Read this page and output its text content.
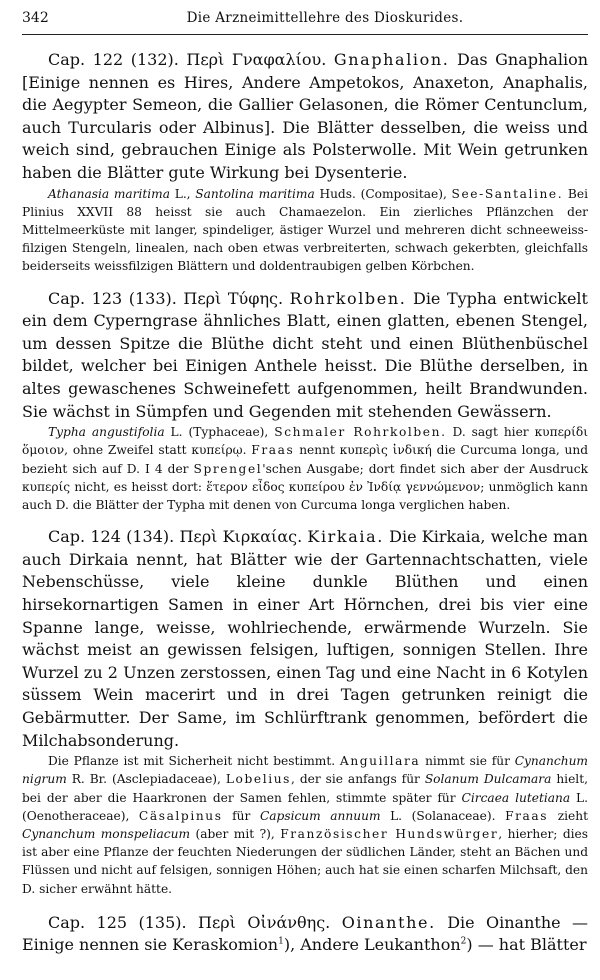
342	Die Arzneimittellehre des Dioskurides.

Cap. 122 (132). Περὶ Γναφαλίου. Gnaphalion. Das Gnaphalion [Einige nennen es Hires, Andere Ampetokos, Anaxeton, Anaphalis, die Aegypter Semeon, die Gallier Gelasonen, die Römer Centunclum, auch Turcularis oder Albinus]. Die Blätter desselben, die weiss und weich sind, gebrauchen Einige als Polsterwolle. Mit Wein getrunken haben die Blätter gute Wirkung bei Dysenterie.

Athanasia maritima L., Santolina maritima Huds. (Compositae), See-Santaline. Bei Plinius XXVII 88 heisst sie auch Chamaezelon. Ein zierliches Pflänzchen der Mittelmeerküste mit langer, spindeliger, ästiger Wurzel und mehreren dicht schneeweiss-filzigen Stengeln, linealen, nach oben etwas verbreiterten, schwach gekerbten, gleichfalls beiderseits weissfilzigen Blättern und doldentraubigen gelben Körbchen.

Cap. 123 (133). Περὶ Τύφης. Rohrkolben. Die Typha entwickelt ein dem Cyperngrase ähnliches Blatt, einen glatten, ebenen Stengel, um dessen Spitze die Blüthe dicht steht und einen Blüthenbüschel bildet, welcher bei Einigen Anthele heisst. Die Blüthe derselben, in altes gewaschenes Schweinefett aufgenommen, heilt Brandwunden. Sie wächst in Sümpfen und Gegenden mit stehenden Gewässern.

Typha angustifolia L. (Typhaceae), Schmaler Rohrkolben. D. sagt hier κυπερίδι ὅμοιον, ohne Zweifel statt κυπείρῳ. Fraas nennt κυπερὶς ἰνδική die Curcuma longa, und bezieht sich auf D. I 4 der Sprengel'schen Ausgabe; dort findet sich aber der Ausdruck κυπερίς nicht, es heisst dort: ἕτερον εἶδος κυπείρου ἐν Ἰνδίᾳ γεννώμενον; unmöglich kann auch D. die Blätter der Typha mit denen von Curcuma longa verglichen haben.

Cap. 124 (134). Περὶ Κιρκαίας. Kirkaia. Die Kirkaia, welche man auch Dirkaia nennt, hat Blätter wie der Gartennachtschatten, viele Nebenschüsse, viele kleine dunkle Blüthen und einen hirsekornartigen Samen in einer Art Hörnchen, drei bis vier eine Spanne lange, weisse, wohlriechende, erwärmende Wurzeln. Sie wächst meist an gewissen felsigen, luftigen, sonnigen Stellen. Ihre Wurzel zu 2 Unzen zerstossen, einen Tag und eine Nacht in 6 Kotylen süssem Wein macerirt und in drei Tagen getrunken reinigt die Gebärmutter. Der Same, im Schlürftrank genommen, befördert die Milchabsonderung.

Die Pflanze ist mit Sicherheit nicht bestimmt. Anguillara nimmt sie für Cynanchum nigrum R. Br. (Asclepiadaceae), Lobelius, der sie anfangs für Solanum Dulcamara hielt, bei der aber die Haarkronen der Samen fehlen, stimmte später für Circaea lutetiana L. (Oenotheraceae), Cäsalpinus für Capsicum annuum L. (Solanaceae). Fraas zieht Cynanchum monspeliacum (aber mit ?), Französischer Hundswürger, hierher; dies ist aber eine Pflanze der feuchten Niederungen der südlichen Länder, steht an Bächen und Flüssen und nicht auf felsigen, sonnigen Höhen; auch hat sie einen scharfen Milchsaft, den D. sicher erwähnt hätte.

Cap. 125 (135). Περὶ Οἰνάνθης. Oinanthe. Die Oinanthe — Einige nennen sie Keraskomion$^1$), Andere Leukanthon$^2$) — hat Blätter
